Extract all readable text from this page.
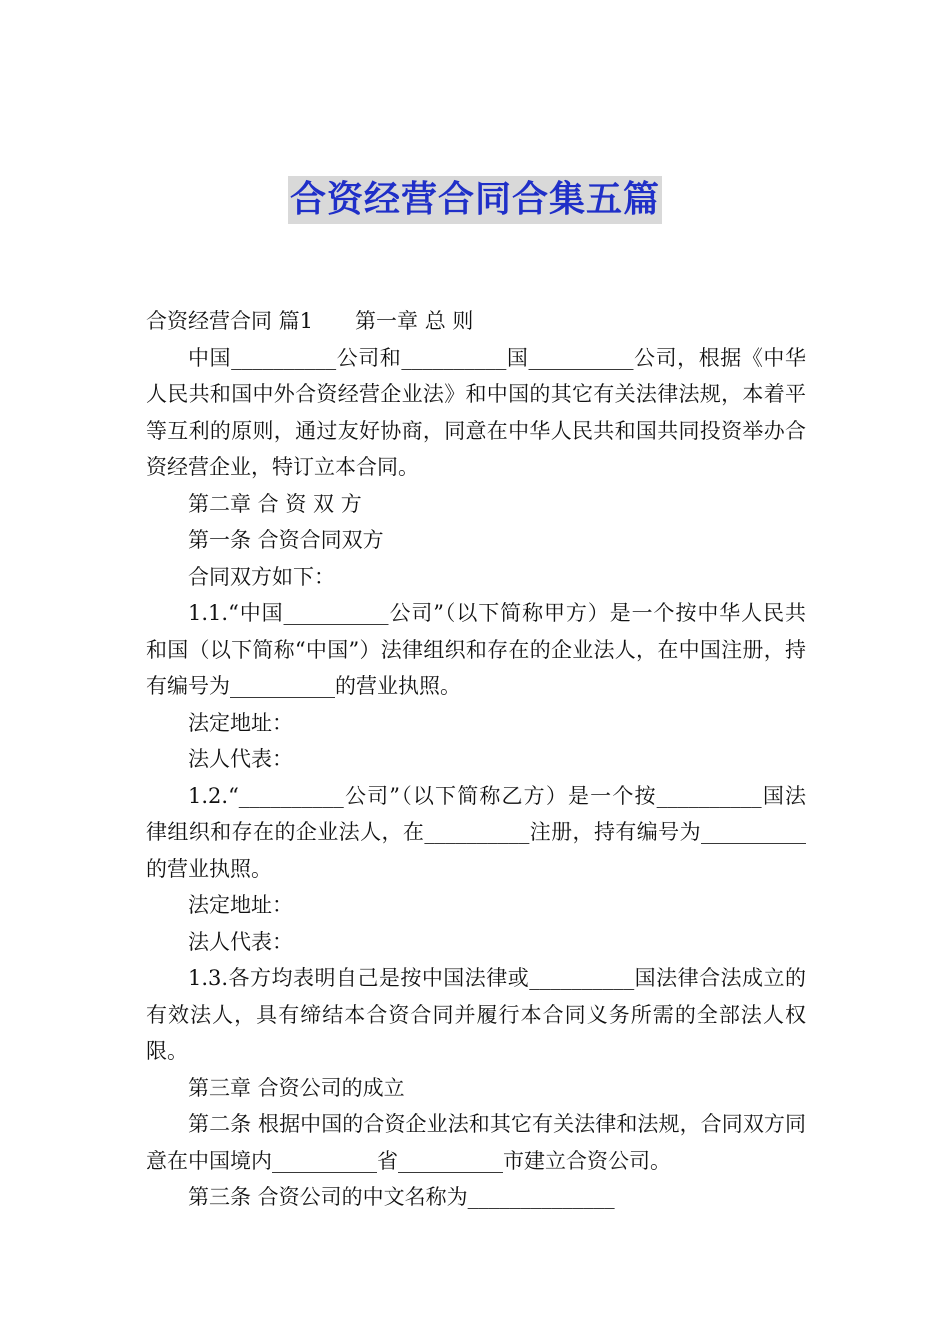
合资经营合同合集五篇

合资经营合同 篇1　　第一章 总 则

中国__________公司和__________国__________公司，根据《中华人民共和国中外合资经营企业法》和中国的其它有关法律法规，本着平等互利的原则，通过友好协商，同意在中华人民共和国共同投资举办合资经营企业，特订立本合同。

第二章 合 资 双 方

第一条 合资合同双方

合同双方如下：

1.1.“中国__________公司”（以下简称甲方）是一个按中华人民共和国（以下简称“中国”）法律组织和存在的企业法人，在中国注册，持有编号为__________的营业执照。

法定地址：

法人代表：

1.2.“__________公司”（以下简称乙方）是一个按__________国法律组织和存在的企业法人，在__________注册，持有编号为__________的营业执照。

法定地址：

法人代表：

1.3.各方均表明自己是按中国法律或__________国法律合法成立的有效法人，具有缔结本合资合同并履行本合同义务所需的全部法人权限。

第三章 合资公司的成立

第二条 根据中国的合资企业法和其它有关法律和法规，合同双方同意在中国境内__________省__________市建立合资公司。

第三条 合资公司的中文名称为______________
